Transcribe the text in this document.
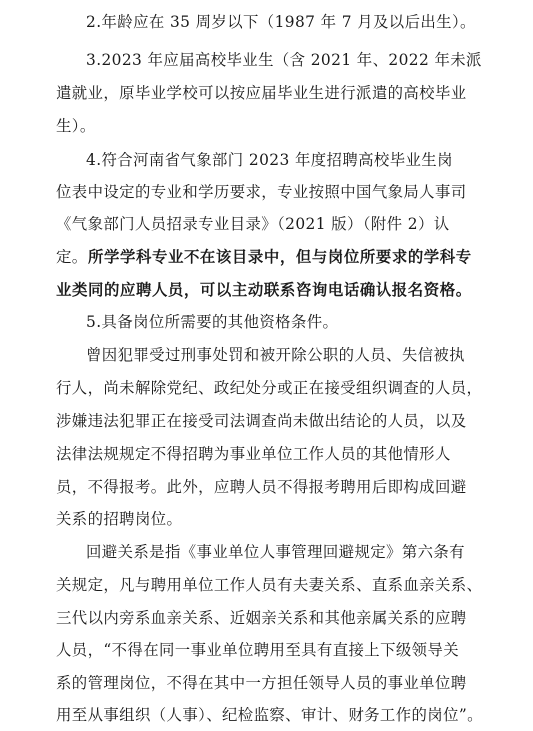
2.年龄应在 35 周岁以下（1987 年 7 月及以后出生）。
3.2023 年应届高校毕业生（含 2021 年、2022 年未派
遣就业，原毕业学校可以按应届毕业生进行派遣的高校毕业
生）。
4.符合河南省气象部门 2023 年度招聘高校毕业生岗
位表中设定的专业和学历要求，专业按照中国气象局人事司
《气象部门人员招录专业目录》（2021 版）（附件 2）认
定。 所学学科专业不在该目录中，但与岗位所要求的学科专
业类同的应聘人员，可以主动联系咨询电话确认报名资格。
5.具备岗位所需要的其他资格条件。
曾因犯罪受过刑事处罚和被开除公职的人员、失信被执
行人，尚未解除党纪、政纪处分或正在接受组织调查的人员，
涉嫌违法犯罪正在接受司法调查尚未做出结论的人员，以及
法律法规规定不得招聘为事业单位工作人员的其他情形人
员，不得报考。此外，应聘人员不得报考聘用后即构成回避
关系的招聘岗位。
回避关系是指《事业单位人事管理回避规定》第六条有
关规定，凡与聘用单位工作人员有夫妻关系、直系血亲关系、
三代以内旁系血亲关系、近姻亲关系和其他亲属关系的应聘
人员，“不得在同一事业单位聘用至具有直接上下级领导关
系的管理岗位，不得在其中一方担任领导人员的事业单位聘
用至从事组织（人事）、纪检监察、审计、财务工作的岗位”。
